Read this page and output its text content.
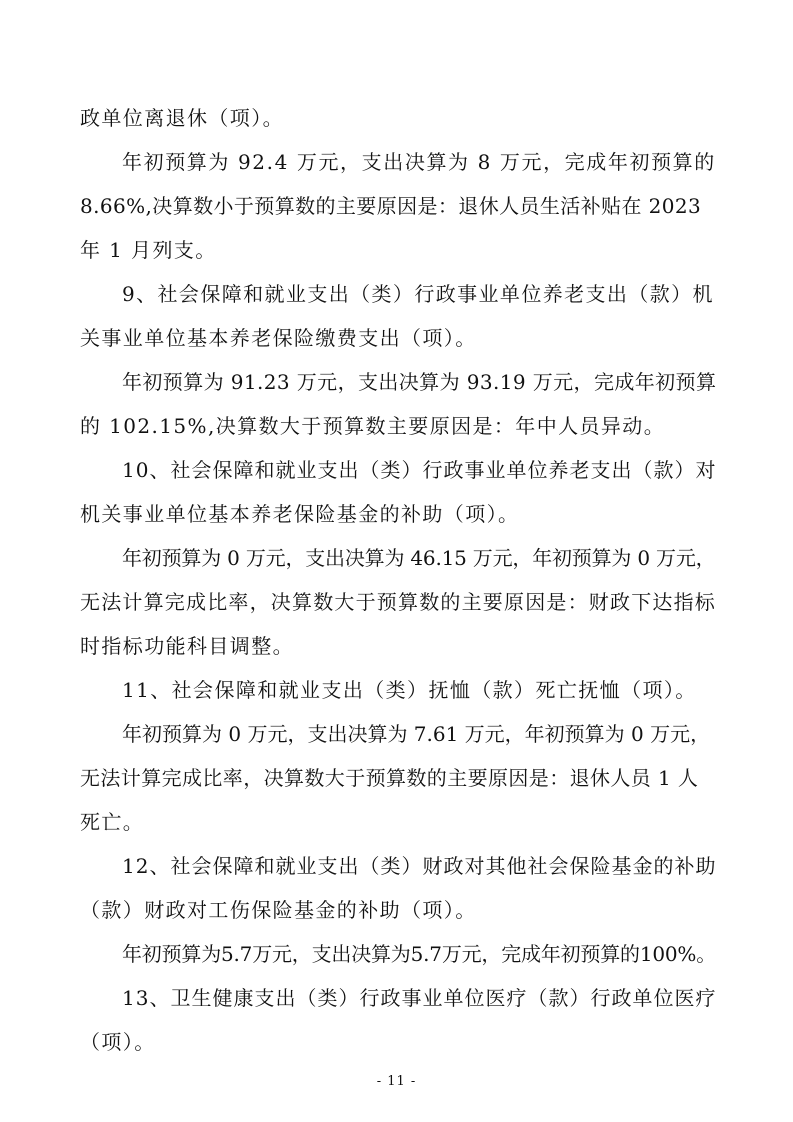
政单位离退休（项）。
年初预算为 92.4 万元，支出决算为 8 万元，完成年初预算的
8.66%,决算数小于预算数的主要原因是：退休人员生活补贴在 2023
年 1 月列支。
9、社会保障和就业支出（类）行政事业单位养老支出（款）机
关事业单位基本养老保险缴费支出（项）。
年初预算为 91.23 万元，支出决算为 93.19 万元，完成年初预算
的 102.15%,决算数大于预算数主要原因是：年中人员异动。
10、社会保障和就业支出（类）行政事业单位养老支出（款）对
机关事业单位基本养老保险基金的补助（项）。
年初预算为 0 万元，支出决算为 46.15 万元，年初预算为 0 万元，
无法计算完成比率，决算数大于预算数的主要原因是：财政下达指标
时指标功能科目调整。
11、社会保障和就业支出（类）抚恤（款）死亡抚恤（项）。
年初预算为 0 万元，支出决算为 7.61 万元，年初预算为 0 万元，
无法计算完成比率，决算数大于预算数的主要原因是：退休人员 1 人
死亡。
12、社会保障和就业支出（类）财政对其他社会保险基金的补助
（款）财政对工伤保险基金的补助（项）。
年初预算为5.7万元，支出决算为5.7万元，完成年初预算的100%。
13、卫生健康支出（类）行政事业单位医疗（款）行政单位医疗
（项）。
- 11 -
